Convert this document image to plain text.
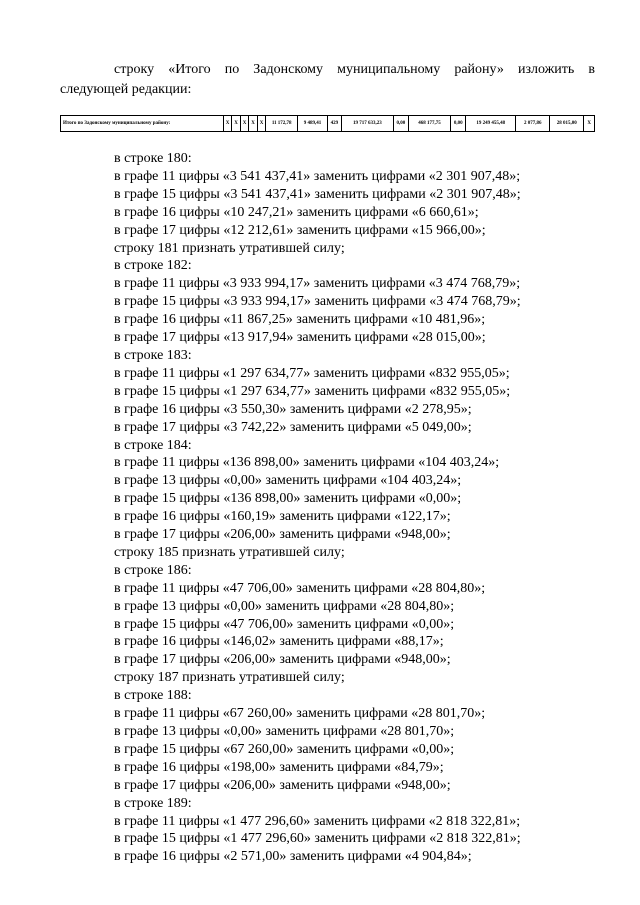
строку «Итого по Задонскому муниципальному району» изложить в
следующей редакции:

Итого по Задонскому муниципальному району:	X	X	X	X	X	11 172,78	9 489,41	429	19 717 633,23	0,00	468 177,75	0,00	19 249 455,48	2 077,86	28 015,00	X
в строке 180:
в графе 11 цифры «3 541 437,41» заменить цифрами «2 301 907,48»;
в графе 15 цифры «3 541 437,41» заменить цифрами «2 301 907,48»;
в графе 16 цифры «10 247,21» заменить цифрами «6 660,61»;
в графе 17 цифры «12 212,61» заменить цифрами «15 966,00»;
строку 181 признать утратившей силу;
в строке 182:
в графе 11 цифры «3 933 994,17» заменить цифрами «3 474 768,79»;
в графе 15 цифры «3 933 994,17» заменить цифрами «3 474 768,79»;
в графе 16 цифры «11 867,25» заменить цифрами «10 481,96»;
в графе 17 цифры «13 917,94» заменить цифрами «28 015,00»;
в строке 183:
в графе 11 цифры «1 297 634,77» заменить цифрами «832 955,05»;
в графе 15 цифры «1 297 634,77» заменить цифрами «832 955,05»;
в графе 16 цифры «3 550,30» заменить цифрами «2 278,95»;
в графе 17 цифры «3 742,22» заменить цифрами «5 049,00»;
в строке 184:
в графе 11 цифры «136 898,00» заменить цифрами «104 403,24»;
в графе 13 цифры «0,00» заменить цифрами «104 403,24»;
в графе 15 цифры «136 898,00» заменить цифрами «0,00»;
в графе 16 цифры «160,19» заменить цифрами «122,17»;
в графе 17 цифры «206,00» заменить цифрами «948,00»;
строку 185 признать утратившей силу;
в строке 186:
в графе 11 цифры «47 706,00» заменить цифрами «28 804,80»;
в графе 13 цифры «0,00» заменить цифрами «28 804,80»;
в графе 15 цифры «47 706,00» заменить цифрами «0,00»;
в графе 16 цифры «146,02» заменить цифрами «88,17»;
в графе 17 цифры «206,00» заменить цифрами «948,00»;
строку 187 признать утратившей силу;
в строке 188:
в графе 11 цифры «67 260,00» заменить цифрами «28 801,70»;
в графе 13 цифры «0,00» заменить цифрами «28 801,70»;
в графе 15 цифры «67 260,00» заменить цифрами «0,00»;
в графе 16 цифры «198,00» заменить цифрами «84,79»;
в графе 17 цифры «206,00» заменить цифрами «948,00»;
в строке 189:
в графе 11 цифры «1 477 296,60» заменить цифрами «2 818 322,81»;
в графе 15 цифры «1 477 296,60» заменить цифрами «2 818 322,81»;
в графе 16 цифры «2 571,00» заменить цифрами «4 904,84»;
